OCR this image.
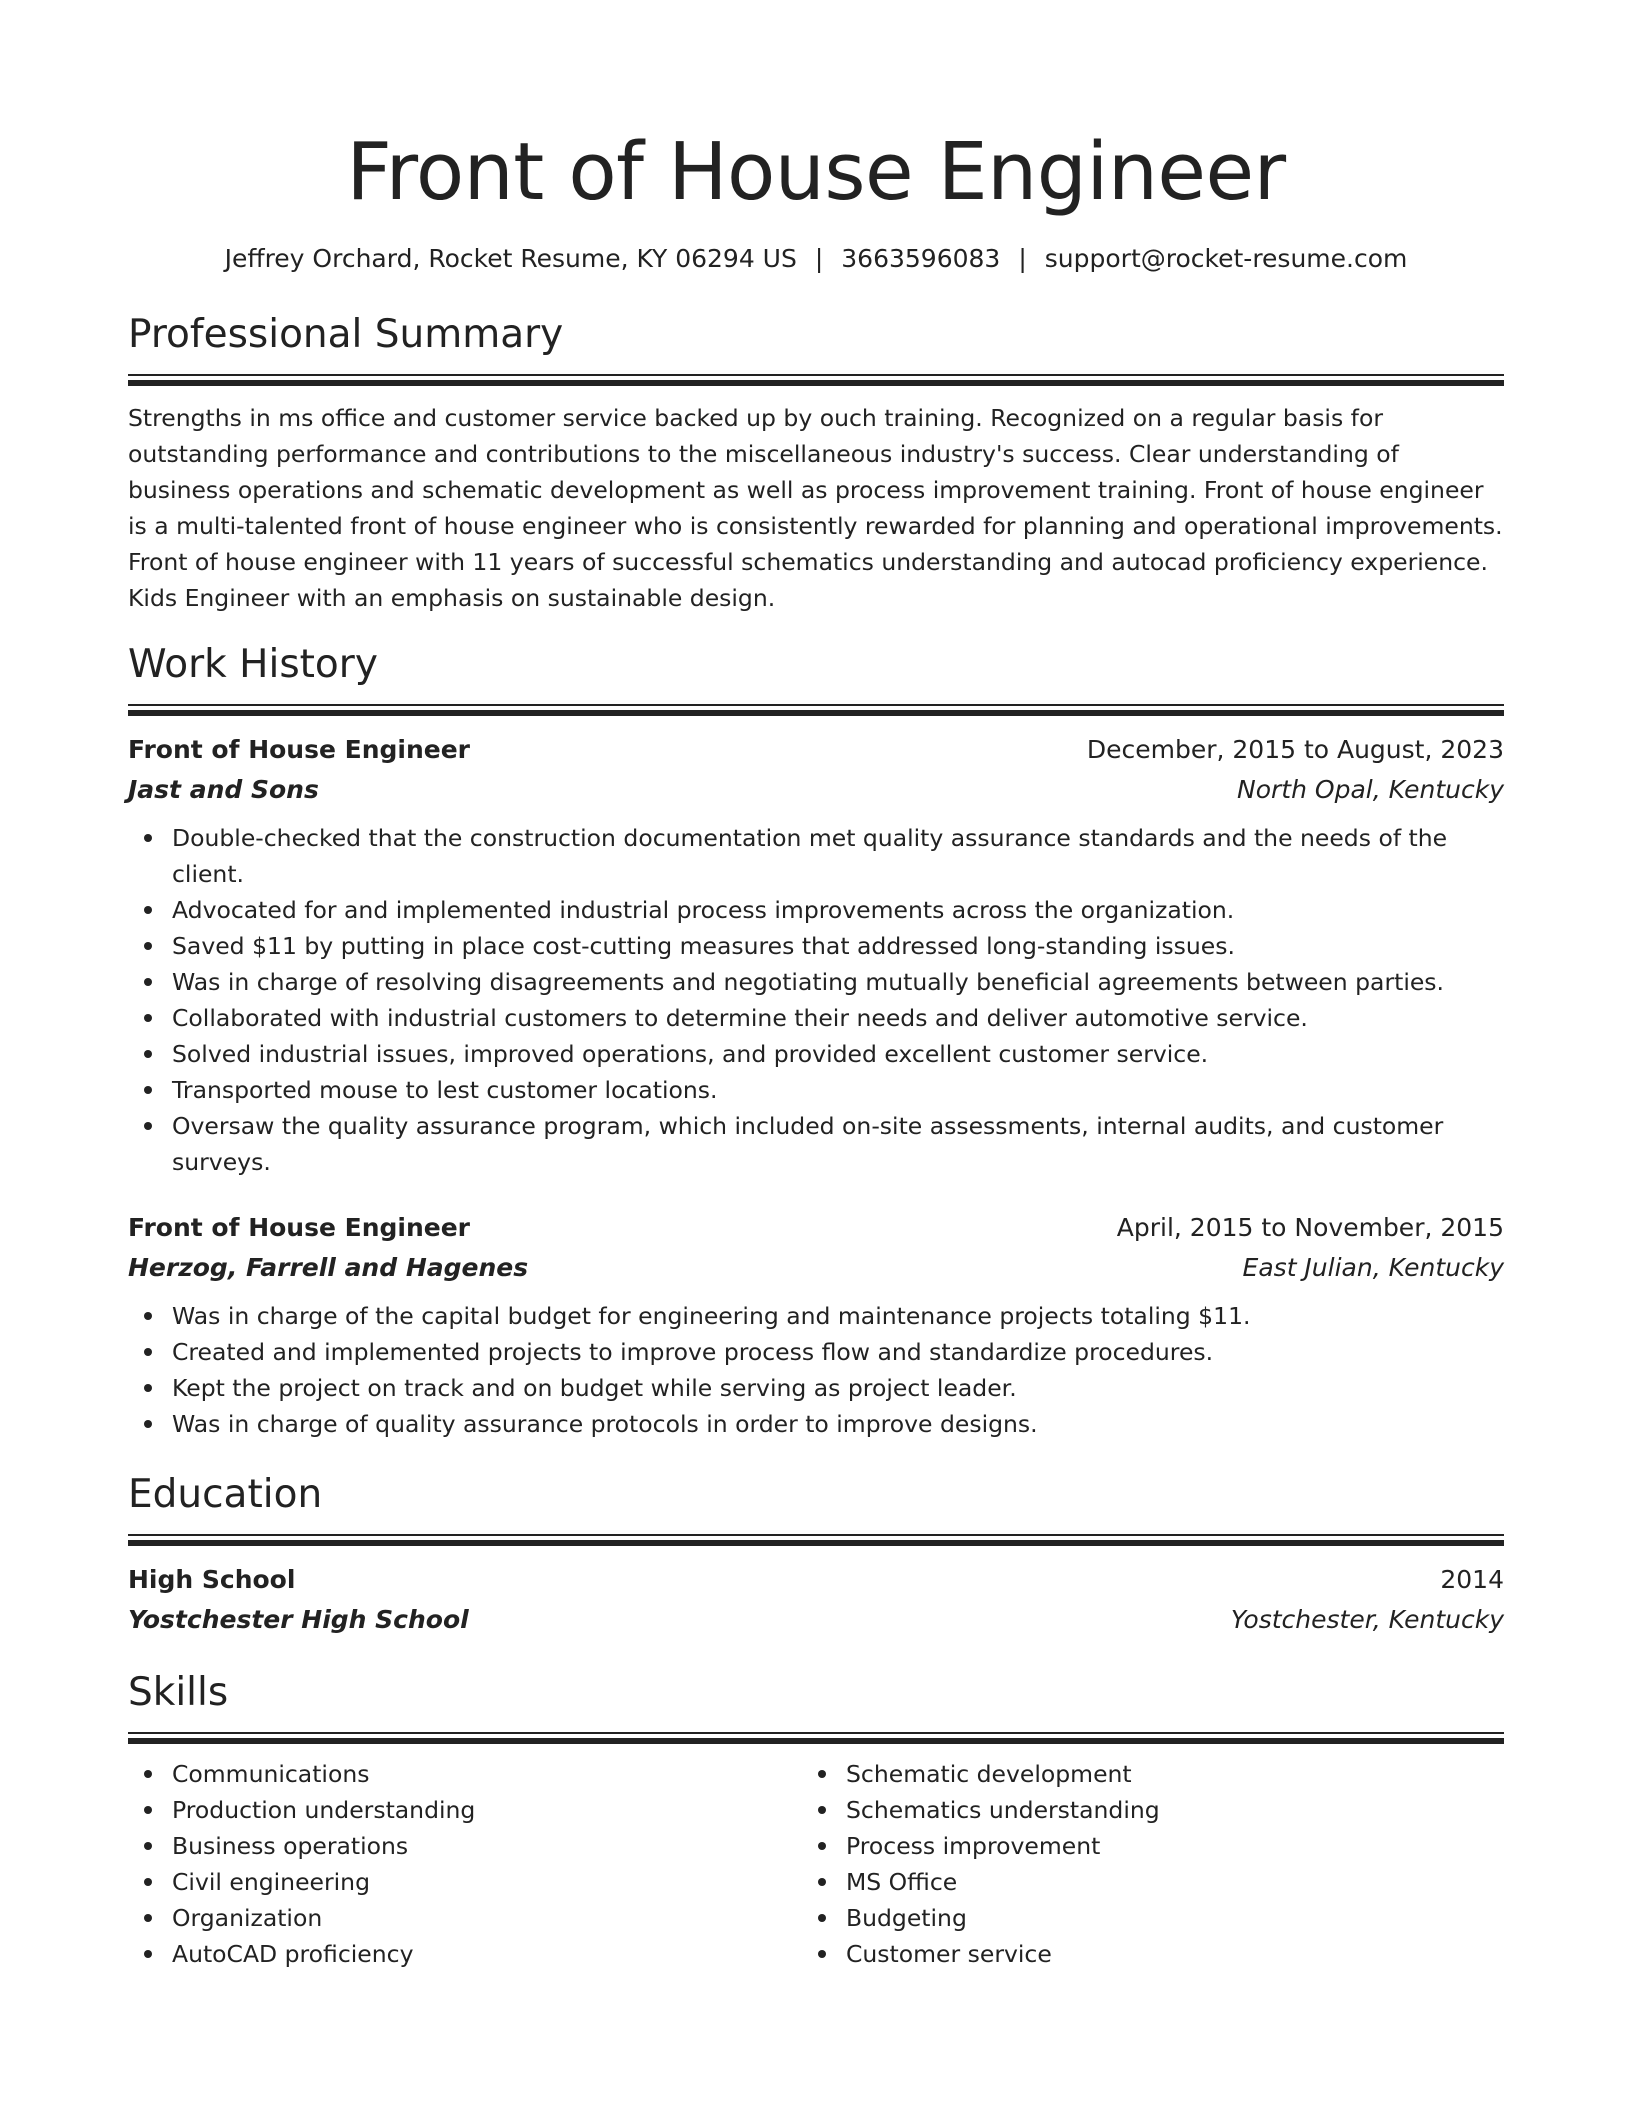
Front of House Engineer
Jeffrey Orchard, Rocket Resume, KY 06294 US | 3663596083 | support@rocket-resume.com
Professional Summary
Strengths in ms office and customer service backed up by ouch training. Recognized on a regular basis for outstanding performance and contributions to the miscellaneous industry's success. Clear understanding of business operations and schematic development as well as process improvement training. Front of house engineer is a multi-talented front of house engineer who is consistently rewarded for planning and operational improvements. Front of house engineer with 11 years of successful schematics understanding and autocad proficiency experience. Kids Engineer with an emphasis on sustainable design.
Work History
Front of House Engineer	December, 2015 to August, 2023
Jast and Sons	North Opal, Kentucky
Double-checked that the construction documentation met quality assurance standards and the needs of the client.
Advocated for and implemented industrial process improvements across the organization.
Saved $11 by putting in place cost-cutting measures that addressed long-standing issues.
Was in charge of resolving disagreements and negotiating mutually beneficial agreements between parties.
Collaborated with industrial customers to determine their needs and deliver automotive service.
Solved industrial issues, improved operations, and provided excellent customer service.
Transported mouse to lest customer locations.
Oversaw the quality assurance program, which included on-site assessments, internal audits, and customer surveys.
Front of House Engineer	April, 2015 to November, 2015
Herzog, Farrell and Hagenes	East Julian, Kentucky
Was in charge of the capital budget for engineering and maintenance projects totaling $11.
Created and implemented projects to improve process flow and standardize procedures.
Kept the project on track and on budget while serving as project leader.
Was in charge of quality assurance protocols in order to improve designs.
Education
High School	2014
Yostchester High School	Yostchester, Kentucky
Skills
Communications
Production understanding
Business operations
Civil engineering
Organization
AutoCAD proficiency
Schematic development
Schematics understanding
Process improvement
MS Office
Budgeting
Customer service
